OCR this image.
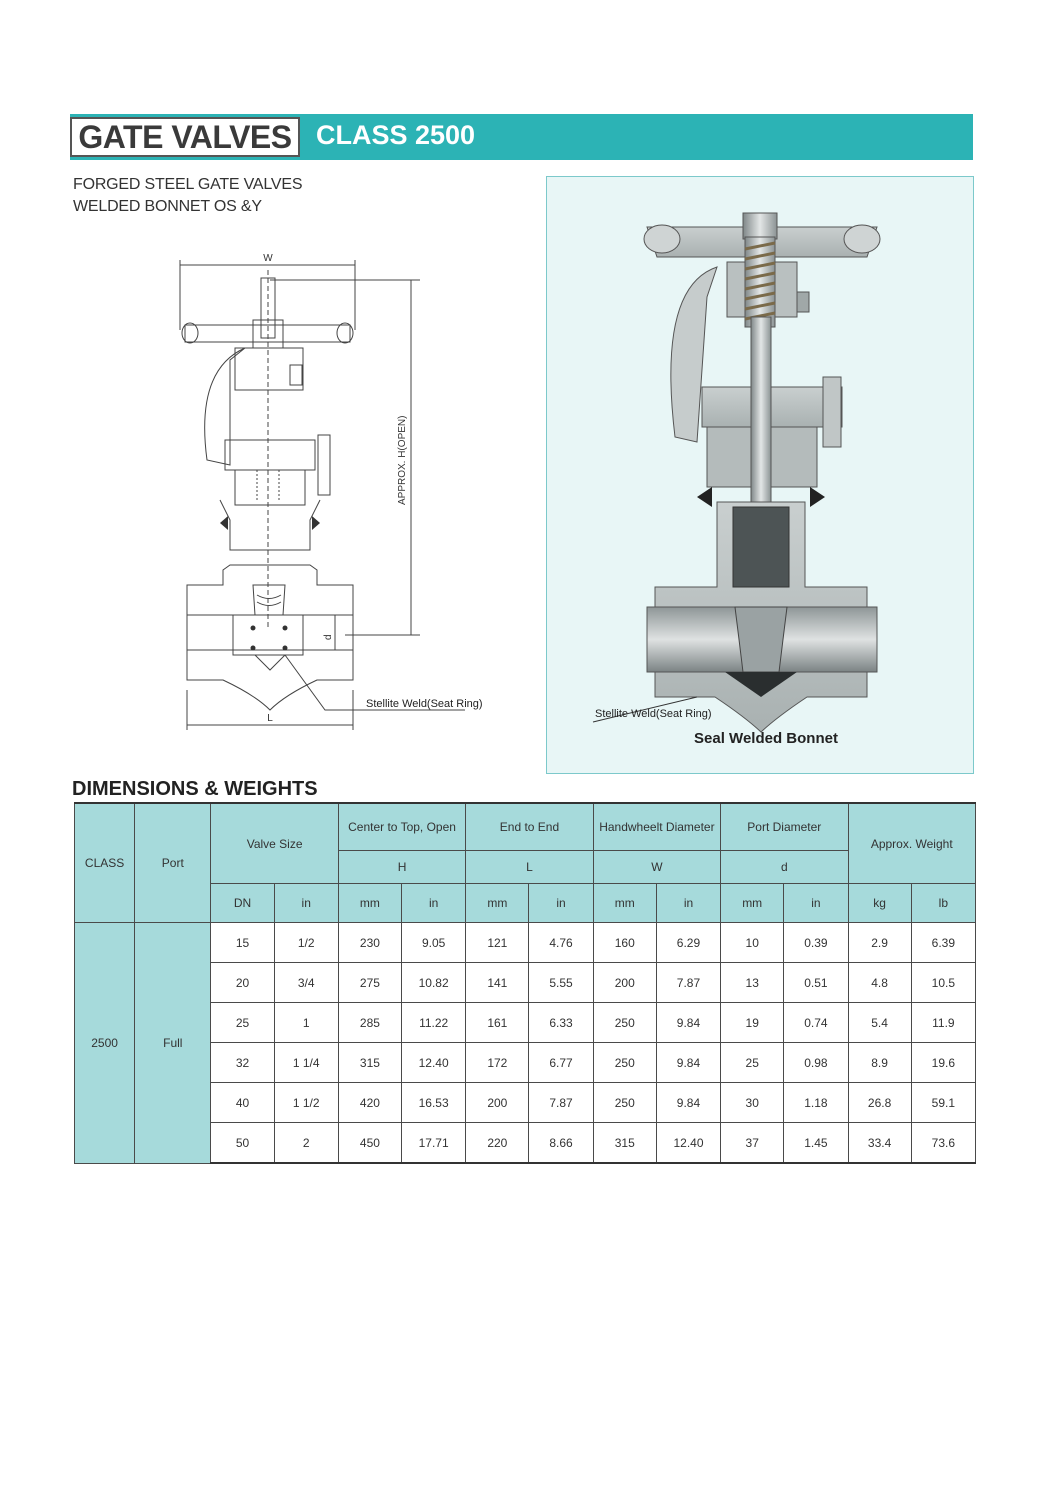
GATE VALVES CLASS 2500
FORGED STEEL GATE VALVES
WELDED BONNET OS &Y
W
APPROX. H(OPEN)
d
L
Stellite Weld(Seat Ring)
Stellite Weld(Seat Ring)
Seal Welded Bonnet
DIMENSIONS & WEIGHTS
CLASS	Port	Valve Size		Center to Top, Open		End to End		Handwheelt Diameter		Port Diameter		Approx. Weight	
				H		L		W		d			
		DN	in	mm	in	mm	in	mm	in	mm	in	kg	lb
2500	Full	15	1/2	230	9.05	121	4.76	160	6.29	10	0.39	2.9	6.39
		20	3/4	275	10.82	141	5.55	200	7.87	13	0.51	4.8	10.5
		25	1	285	11.22	161	6.33	250	9.84	19	0.74	5.4	11.9
		32	1 1/4	315	12.40	172	6.77	250	9.84	25	0.98	8.9	19.6
		40	1 1/2	420	16.53	200	7.87	250	9.84	30	1.18	26.8	59.1
		50	2	450	17.71	220	8.66	315	12.40	37	1.45	33.4	73.6
